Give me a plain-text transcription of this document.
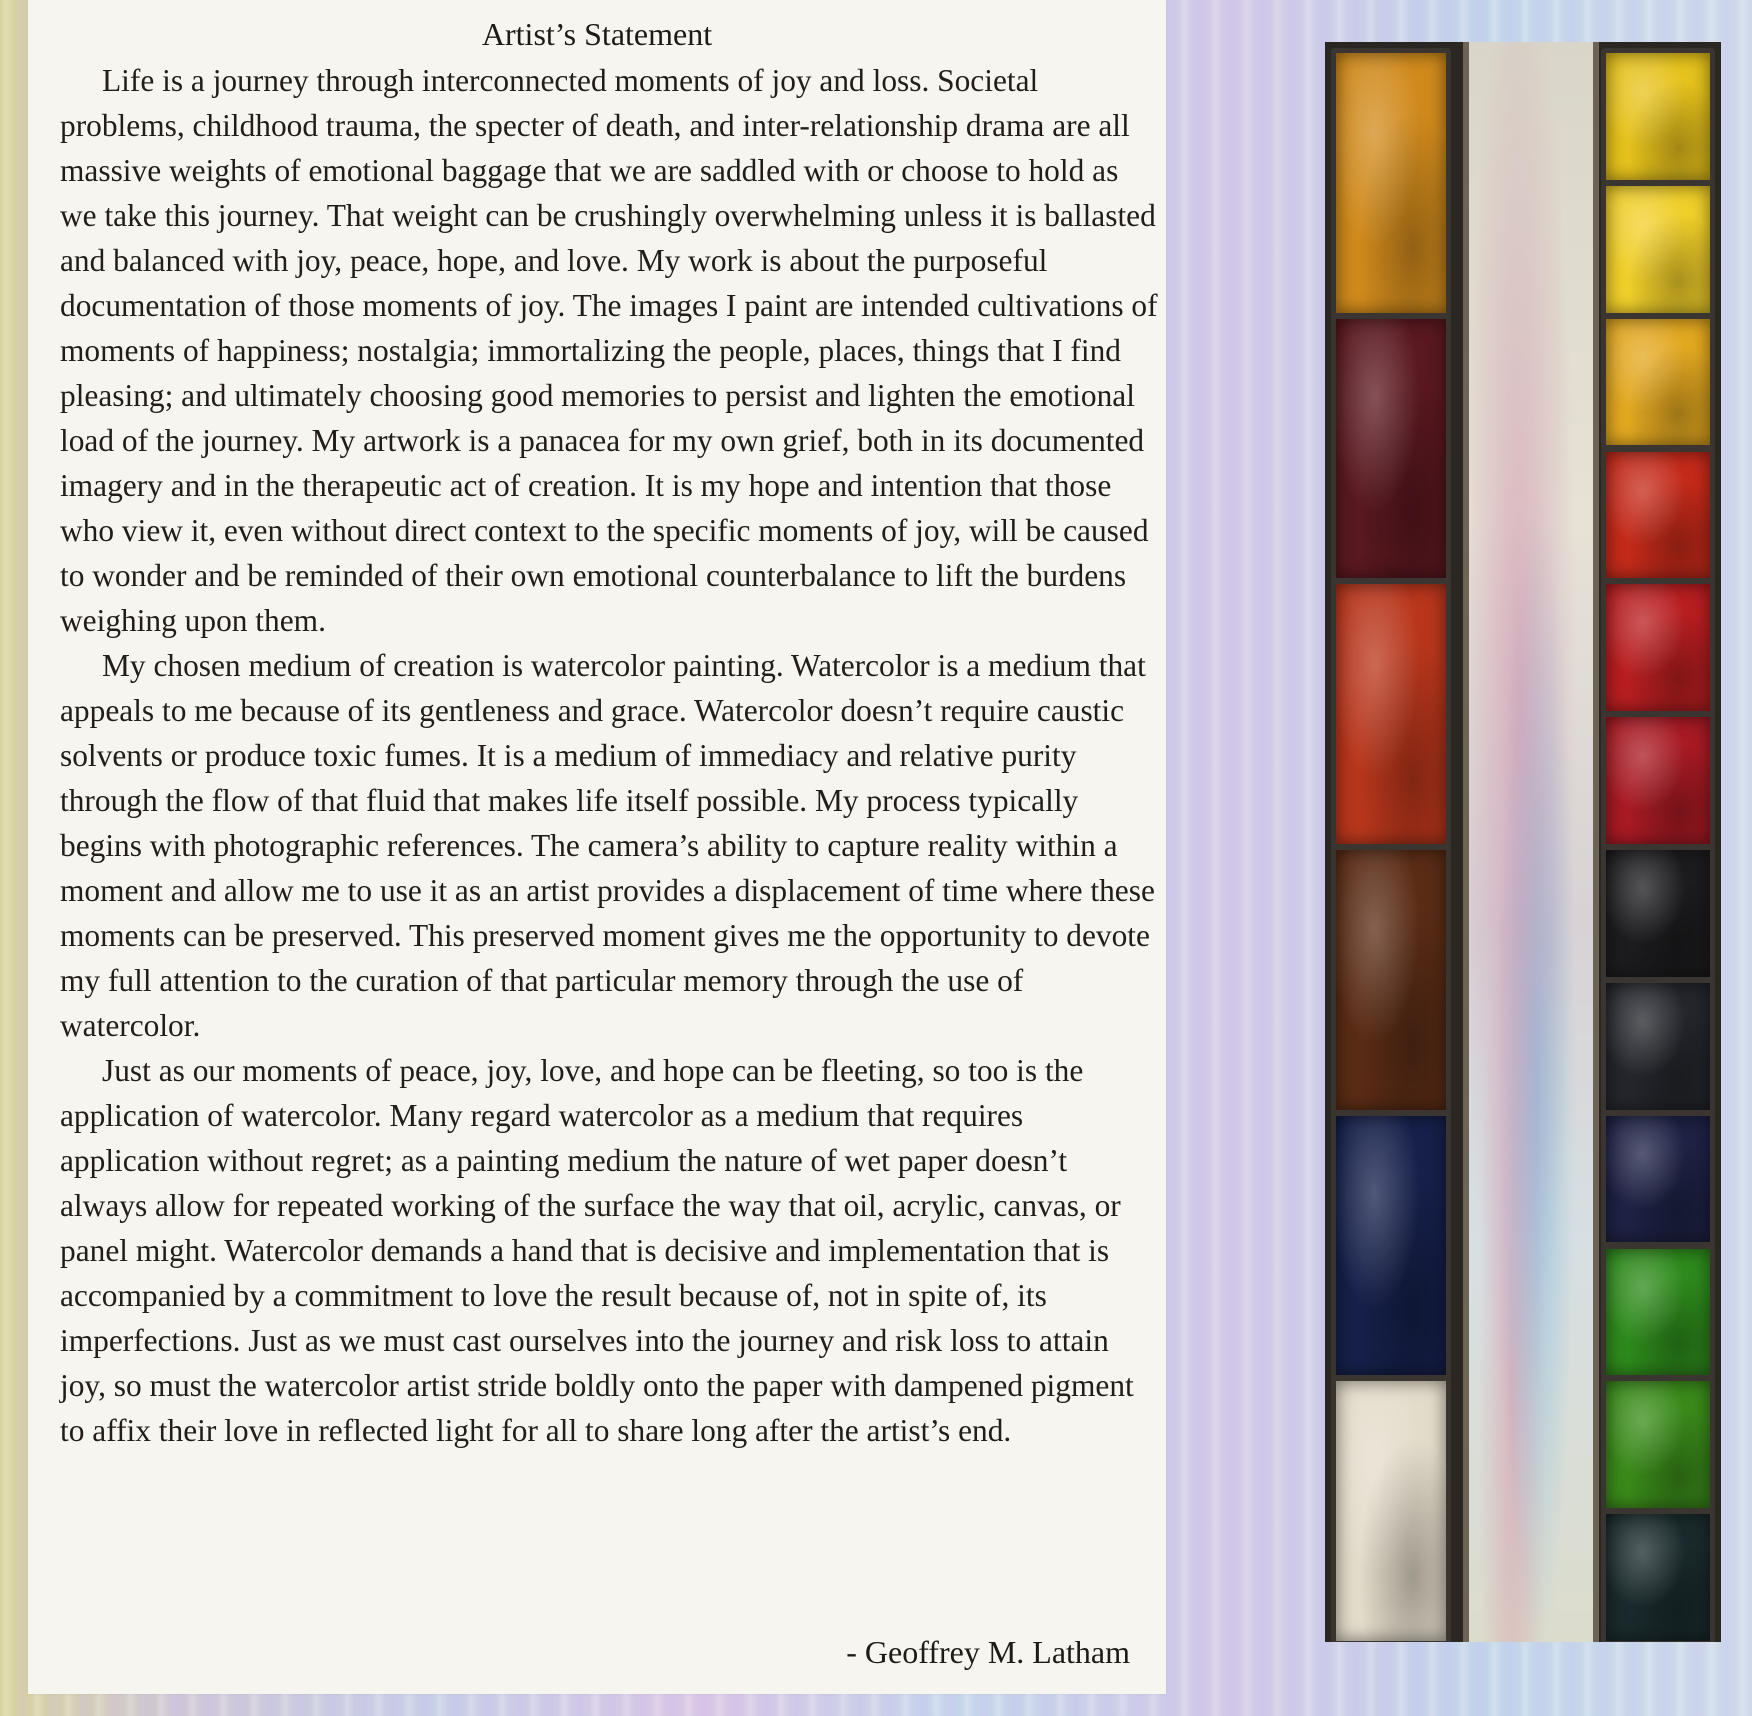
Artist’s Statement

Life is a journey through interconnected moments of joy and loss. Societal problems, childhood trauma, the specter of death, and inter-relationship drama are all massive weights of emotional baggage that we are saddled with or choose to hold as we take this journey. That weight can be crushingly overwhelming unless it is ballasted and balanced with joy, peace, hope, and love. My work is about the purposeful documentation of those moments of joy. The images I paint are intended cultivations of moments of happiness; nostalgia; immortalizing the people, places, things that I find pleasing; and ultimately choosing good memories to persist and lighten the emotional load of the journey. My artwork is a panacea for my own grief, both in its documented imagery and in the therapeutic act of creation. It is my hope and intention that those who view it, even without direct context to the specific moments of joy, will be caused to wonder and be reminded of their own emotional counterbalance to lift the burdens weighing upon them.

My chosen medium of creation is watercolor painting. Watercolor is a medium that appeals to me because of its gentleness and grace. Watercolor doesn’t require caustic solvents or produce toxic fumes. It is a medium of immediacy and relative purity through the flow of that fluid that makes life itself possible. My process typically begins with photographic references. The camera’s ability to capture reality within a moment and allow me to use it as an artist provides a displacement of time where these moments can be preserved. This preserved moment gives me the opportunity to devote my full attention to the curation of that particular memory through the use of watercolor.

Just as our moments of peace, joy, love, and hope can be fleeting, so too is the application of watercolor. Many regard watercolor as a medium that requires application without regret; as a painting medium the nature of wet paper doesn’t always allow for repeated working of the surface the way that oil, acrylic, canvas, or panel might. Watercolor demands a hand that is decisive and implementation that is accompanied by a commitment to love the result because of, not in spite of, its imperfections. Just as we must cast ourselves into the journey and risk loss to attain joy, so must the watercolor artist stride boldly onto the paper with dampened pigment to affix their love in reflected light for all to share long after the artist’s end.

- Geoffrey M. Latham
